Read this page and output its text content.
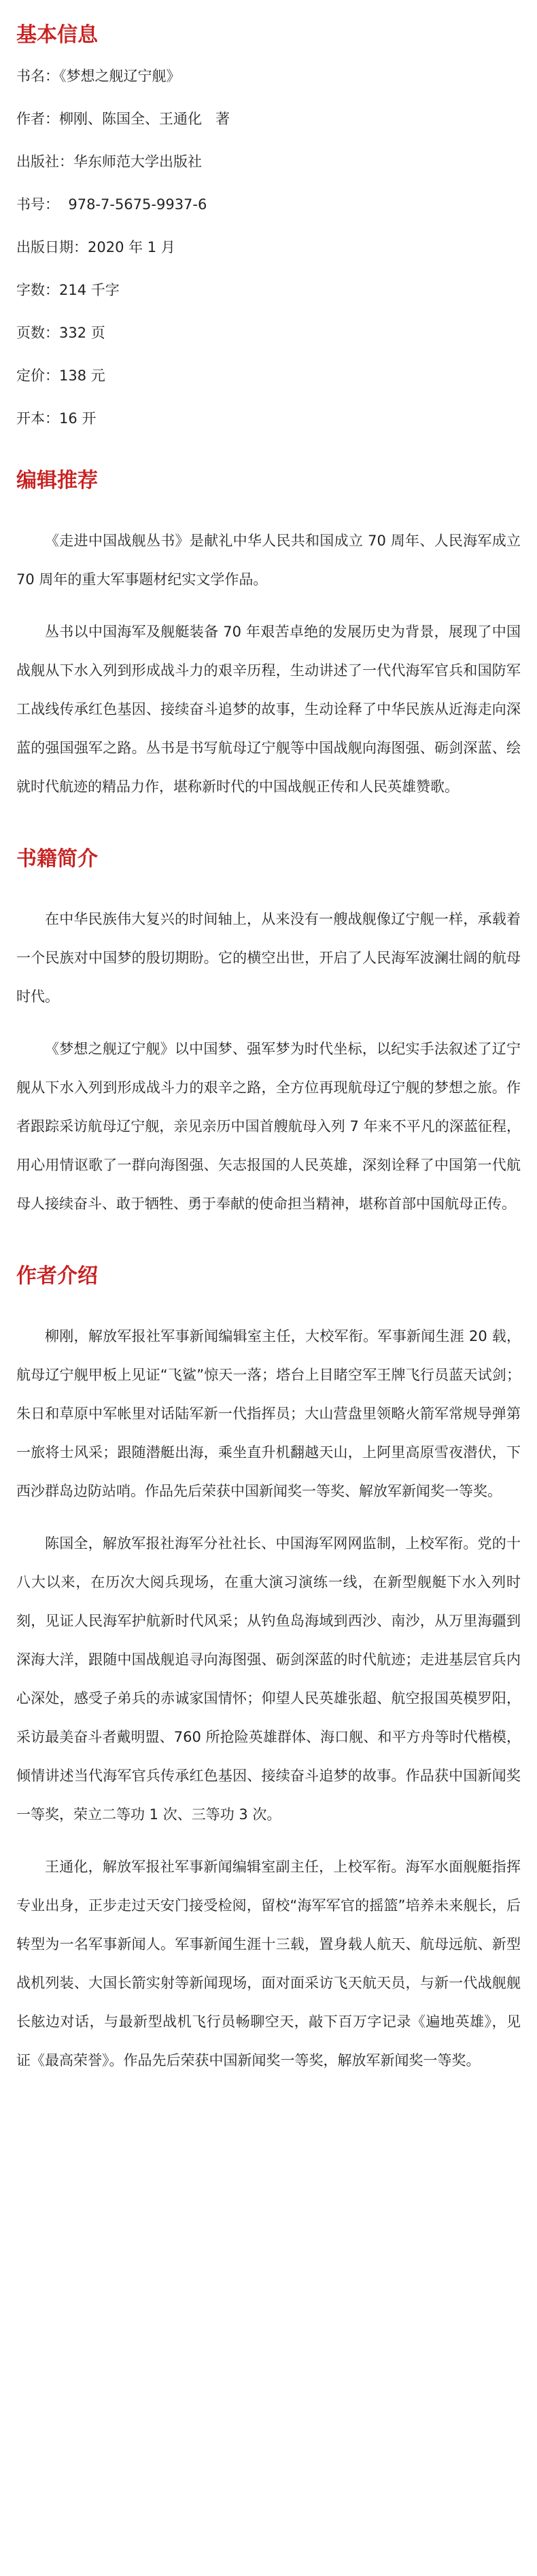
基本信息
书名：《梦想之舰辽宁舰》
作者：柳刚、陈国全、王通化   著
出版社：华东师范大学出版社
书号：  978-7-5675-9937-6
出版日期：2020 年 1 月
字数：214 千字
页数：332 页
定价：138 元
开本：16 开
编辑推荐

《走进中国战舰丛书》是献礼中华人民共和国成立 70 周年、人民海军成立 70 周年的重大军事题材纪实文学作品。

丛书以中国海军及舰艇装备 70 年艰苦卓绝的发展历史为背景，展现了中国战舰从下水入列到形成战斗力的艰辛历程，生动讲述了一代代海军官兵和国防军工战线传承红色基因、接续奋斗追梦的故事，生动诠释了中华民族从近海走向深蓝的强国强军之路。丛书是书写航母辽宁舰等中国战舰向海图强、砺剑深蓝、绘就时代航迹的精品力作，堪称新时代的中国战舰正传和人民英雄赞歌。

书籍简介

在中华民族伟大复兴的时间轴上，从来没有一艘战舰像辽宁舰一样，承载着一个民族对中国梦的殷切期盼。它的横空出世，开启了人民海军波澜壮阔的航母时代。

《梦想之舰辽宁舰》以中国梦、强军梦为时代坐标，以纪实手法叙述了辽宁舰从下水入列到形成战斗力的艰辛之路，全方位再现航母辽宁舰的梦想之旅。作者跟踪采访航母辽宁舰，亲见亲历中国首艘航母入列 7 年来不平凡的深蓝征程，用心用情讴歌了一群向海图强、矢志报国的人民英雄，深刻诠释了中国第一代航母人接续奋斗、敢于牺牲、勇于奉献的使命担当精神，堪称首部中国航母正传。

作者介绍

柳刚，解放军报社军事新闻编辑室主任，大校军衔。军事新闻生涯 20 载，航母辽宁舰甲板上见证“飞鲨”惊天一落；塔台上目睹空军王牌飞行员蓝天试剑；朱日和草原中军帐里对话陆军新一代指挥员；大山营盘里领略火箭军常规导弹第一旅将士风采；跟随潜艇出海，乘坐直升机翻越天山，上阿里高原雪夜潜伏，下西沙群岛边防站哨。作品先后荣获中国新闻奖一等奖、解放军新闻奖一等奖。

陈国全，解放军报社海军分社社长、中国海军网网监制，上校军衔。党的十八大以来，在历次大阅兵现场，在重大演习演练一线，在新型舰艇下水入列时刻，见证人民海军护航新时代风采；从钓鱼岛海域到西沙、南沙，从万里海疆到深海大洋，跟随中国战舰追寻向海图强、砺剑深蓝的时代航迹；走进基层官兵内心深处，感受子弟兵的赤诚家国情怀；仰望人民英雄张超、航空报国英模罗阳，采访最美奋斗者戴明盟、760 所抢险英雄群体、海口舰、和平方舟等时代楷模，倾情讲述当代海军官兵传承红色基因、接续奋斗追梦的故事。作品获中国新闻奖一等奖，荣立二等功 1 次、三等功 3 次。

王通化，解放军报社军事新闻编辑室副主任，上校军衔。海军水面舰艇指挥专业出身，正步走过天安门接受检阅，留校“海军军官的摇篮”培养未来舰长，后转型为一名军事新闻人。军事新闻生涯十三载，置身载人航天、航母远航、新型战机列装、大国长箭实射等新闻现场，面对面采访飞天航天员，与新一代战舰舰长舷边对话，与最新型战机飞行员畅聊空天，敲下百万字记录《遍地英雄》，见证《最高荣誉》。作品先后荣获中国新闻奖一等奖，解放军新闻奖一等奖。
